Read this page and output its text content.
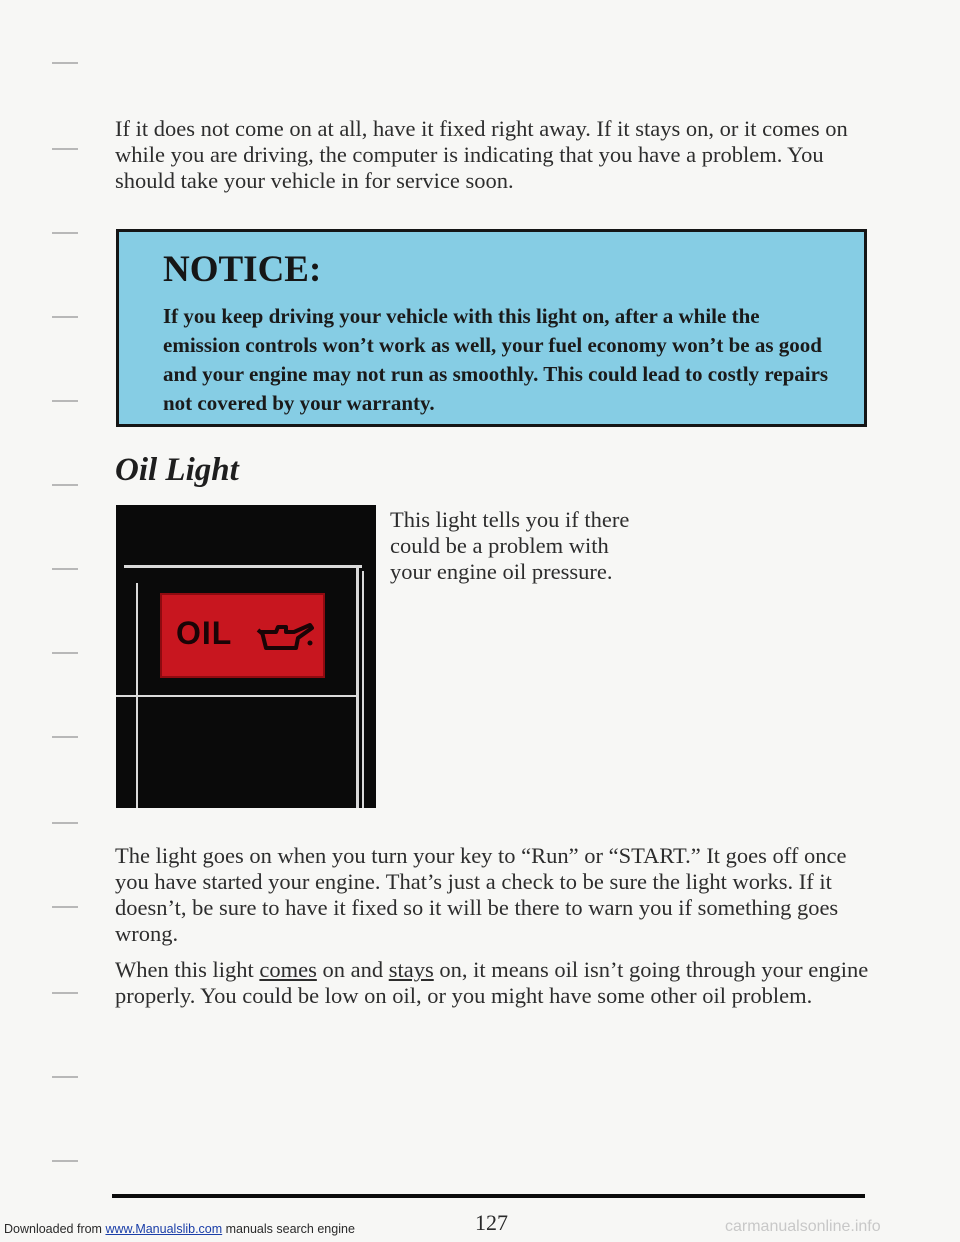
If it does not come on at all, have it fixed right away. If it stays on, or it comes on while you are driving, the computer is indicating that you have a problem. You should take your vehicle in for service soon.

NOTICE:
If you keep driving your vehicle with this light on, after a while the emission controls won’t work as well, your fuel economy won’t be as good and your engine may not run as smoothly. This could lead to costly repairs not covered by your warranty.
Oil Light
OIL

This light tells you if there could be a problem with your engine oil pressure.

The light goes on when you turn your key to “Run” or “START.” It goes off once you have started your engine. That’s just a check to be sure the light works. If it doesn’t, be sure to have it fixed so it will be there to warn you if something goes wrong.

When this light comes on and stays on, it means oil isn’t going through your engine properly. You could be low on oil, or you might have some other oil problem.

127
Downloaded from www.Manualslib.com manuals search engine	carmanualsonline.info
